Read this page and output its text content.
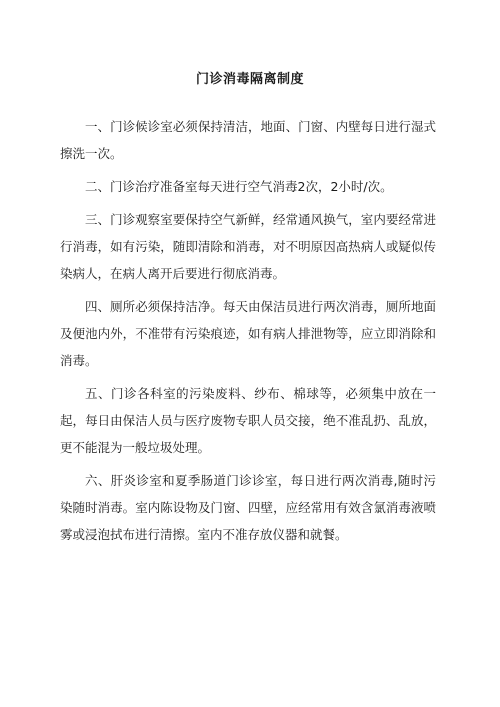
门诊消毒隔离制度

一、门诊候诊室必须保持清洁，地面、门窗、内壁每日进行湿式擦洗一次。

二、门诊治疗准备室每天进行空气消毒2次，2小时/次。

三、门诊观察室要保持空气新鲜，经常通风换气，室内要经常进行消毒，如有污染，随即清除和消毒，对不明原因高热病人或疑似传染病人，在病人离开后要进行彻底消毒。

四、厕所必须保持洁净。每天由保洁员进行两次消毒，厕所地面及便池内外，不准带有污染痕迹，如有病人排泄物等，应立即消除和消毒。

五、门诊各科室的污染废料、纱布、棉球等，必须集中放在一起，每日由保洁人员与医疗废物专职人员交接，绝不准乱扔、乱放，更不能混为一般垃圾处理。

六、肝炎诊室和夏季肠道门诊诊室，每日进行两次消毒,随时污染随时消毒。室内陈设物及门窗、四壁，应经常用有效含氯消毒液喷雾或浸泡拭布进行清擦。室内不准存放仪器和就餐。
